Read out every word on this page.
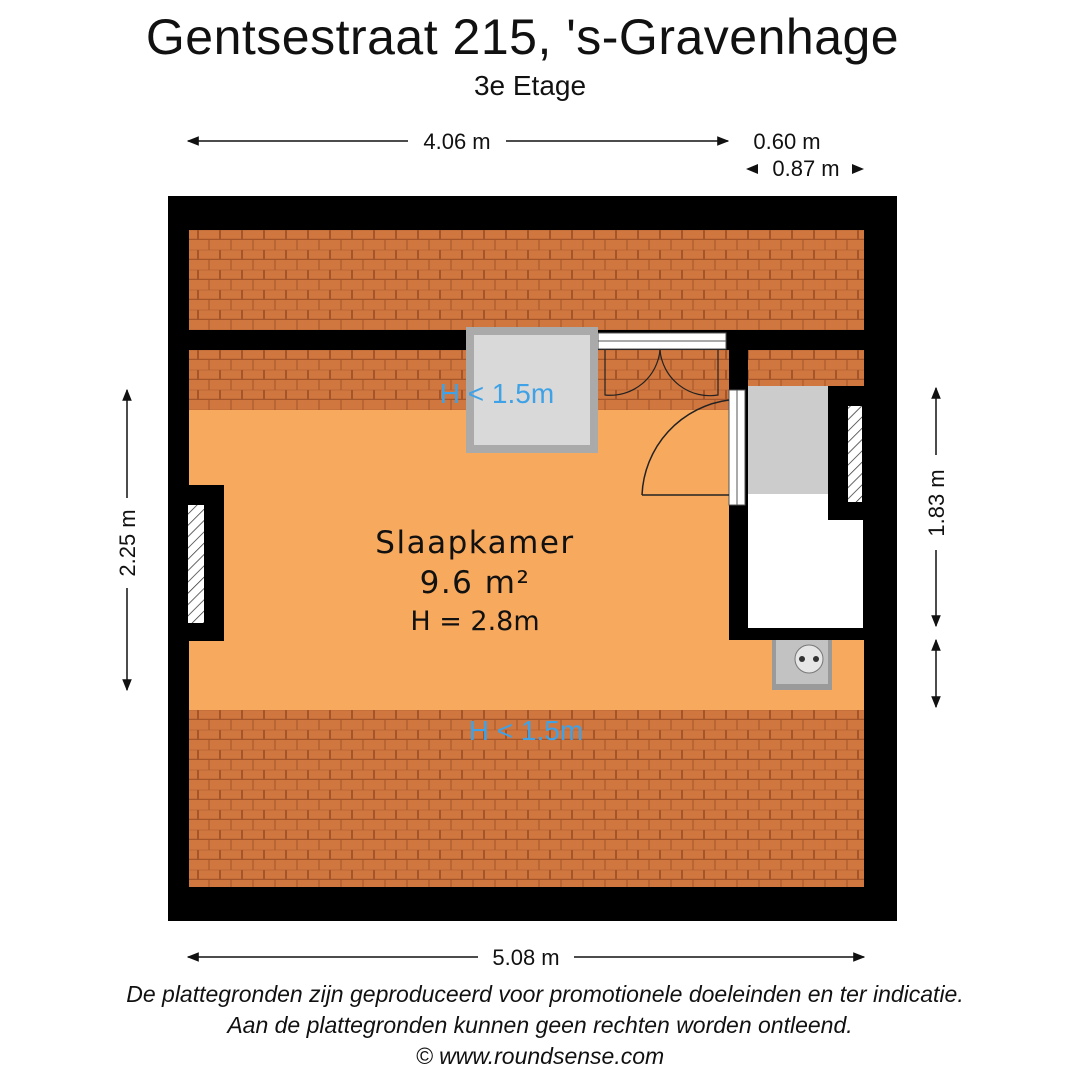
Gentsestraat 215, 's-Gravenhage
3e Etage
Slaapkamer
9.6 m²
H = 2.8m
H < 1.5m
H < 1.5m
4.06 m	0.60 m
0.87 m
2.25 m
1.83 m
5.08 m
De plattegronden zijn geproduceerd voor promotionele doeleinden en ter indicatie.
Aan de plattegronden kunnen geen rechten worden ontleend.
© www.roundsense.com
